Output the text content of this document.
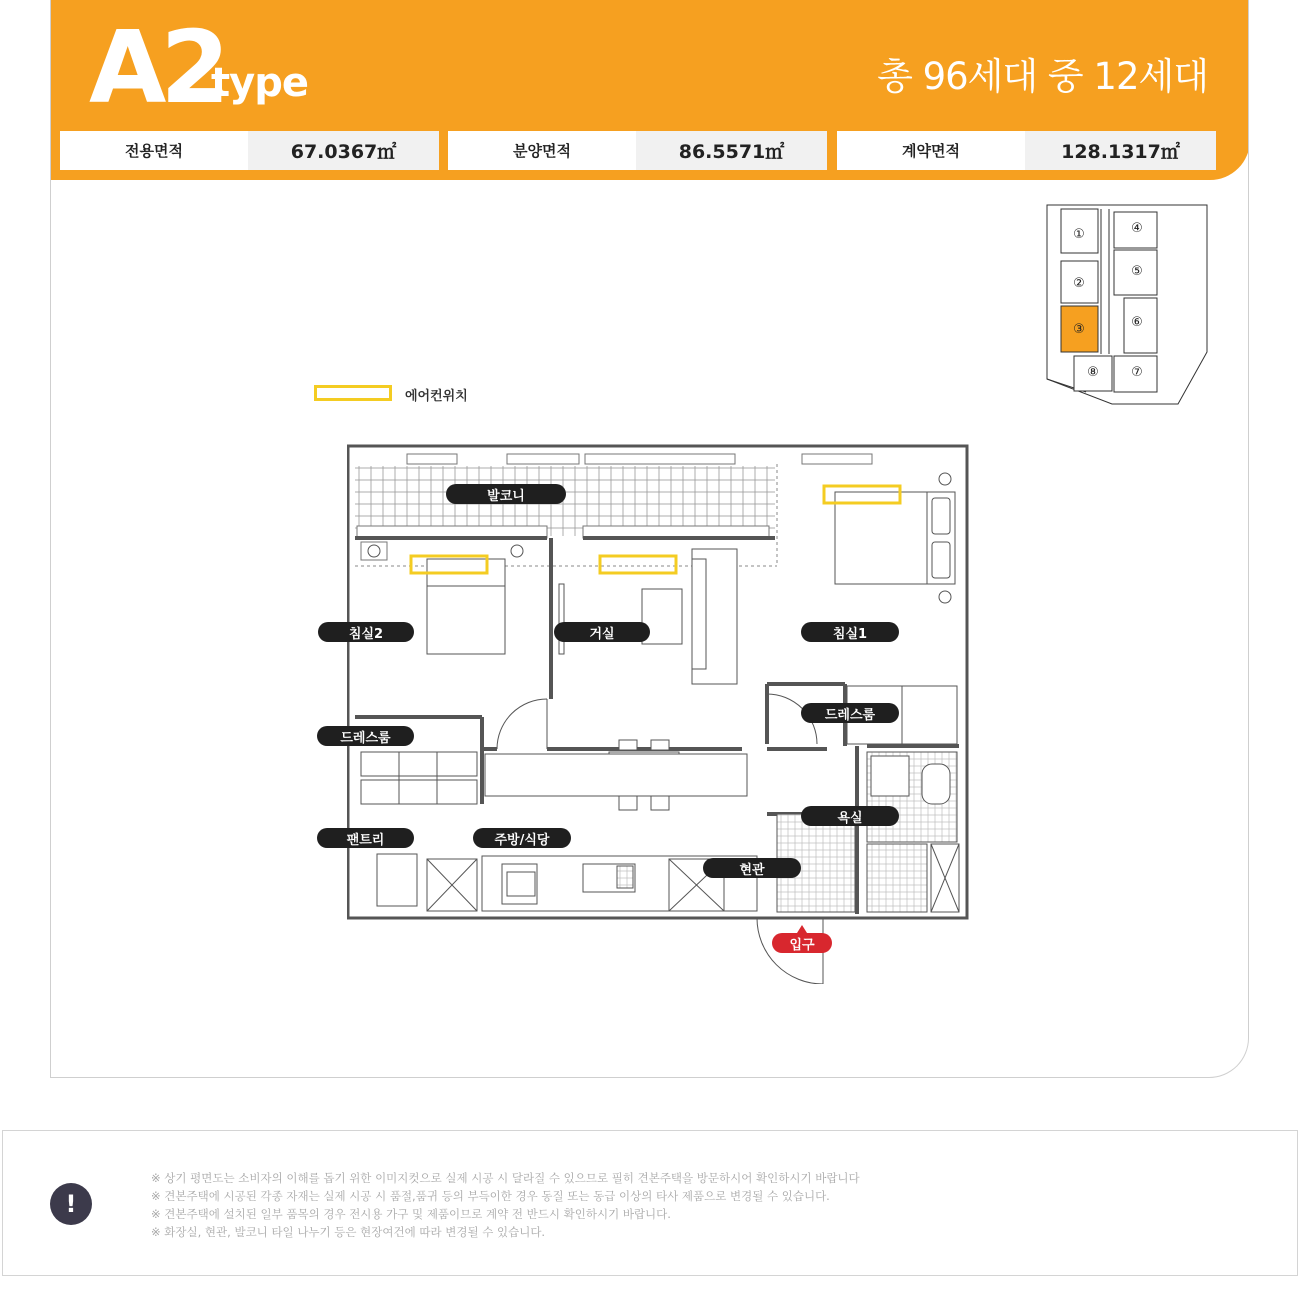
A2
type	총 96세대 중 12세대
전용면적	67.0367㎡	분양면적	86.5571㎡	계약면적	128.1317㎡
에어컨위치
①
②
③
④
⑤
⑥
⑦
⑧
!
※ 상기 평면도는 소비자의 이해를 돕기 위한 이미지컷으로 실제 시공 시 달라질 수 있으므로 필히 견본주택을 방문하시어 확인하시기 바랍니다
※ 견본주택에 시공된 각종 자재는 실제 시공 시 품절,품귀 등의 부득이한 경우 동질 또는 동급 이상의 타사 제품으로 변경될 수 있습니다.
※ 견본주택에 설치된 일부 품목의 경우 전시용 가구 및 제품이므로 계약 전 반드시 확인하시기 바랍니다.
※ 화장실, 현관, 발코니 타일 나누기 등은 현장여건에 따라 변경될 수 있습니다.
발코니
침실2	거실	침실1
드레스룸
드레스룸
팬트리	주방/식당
욕실
현관
입구
